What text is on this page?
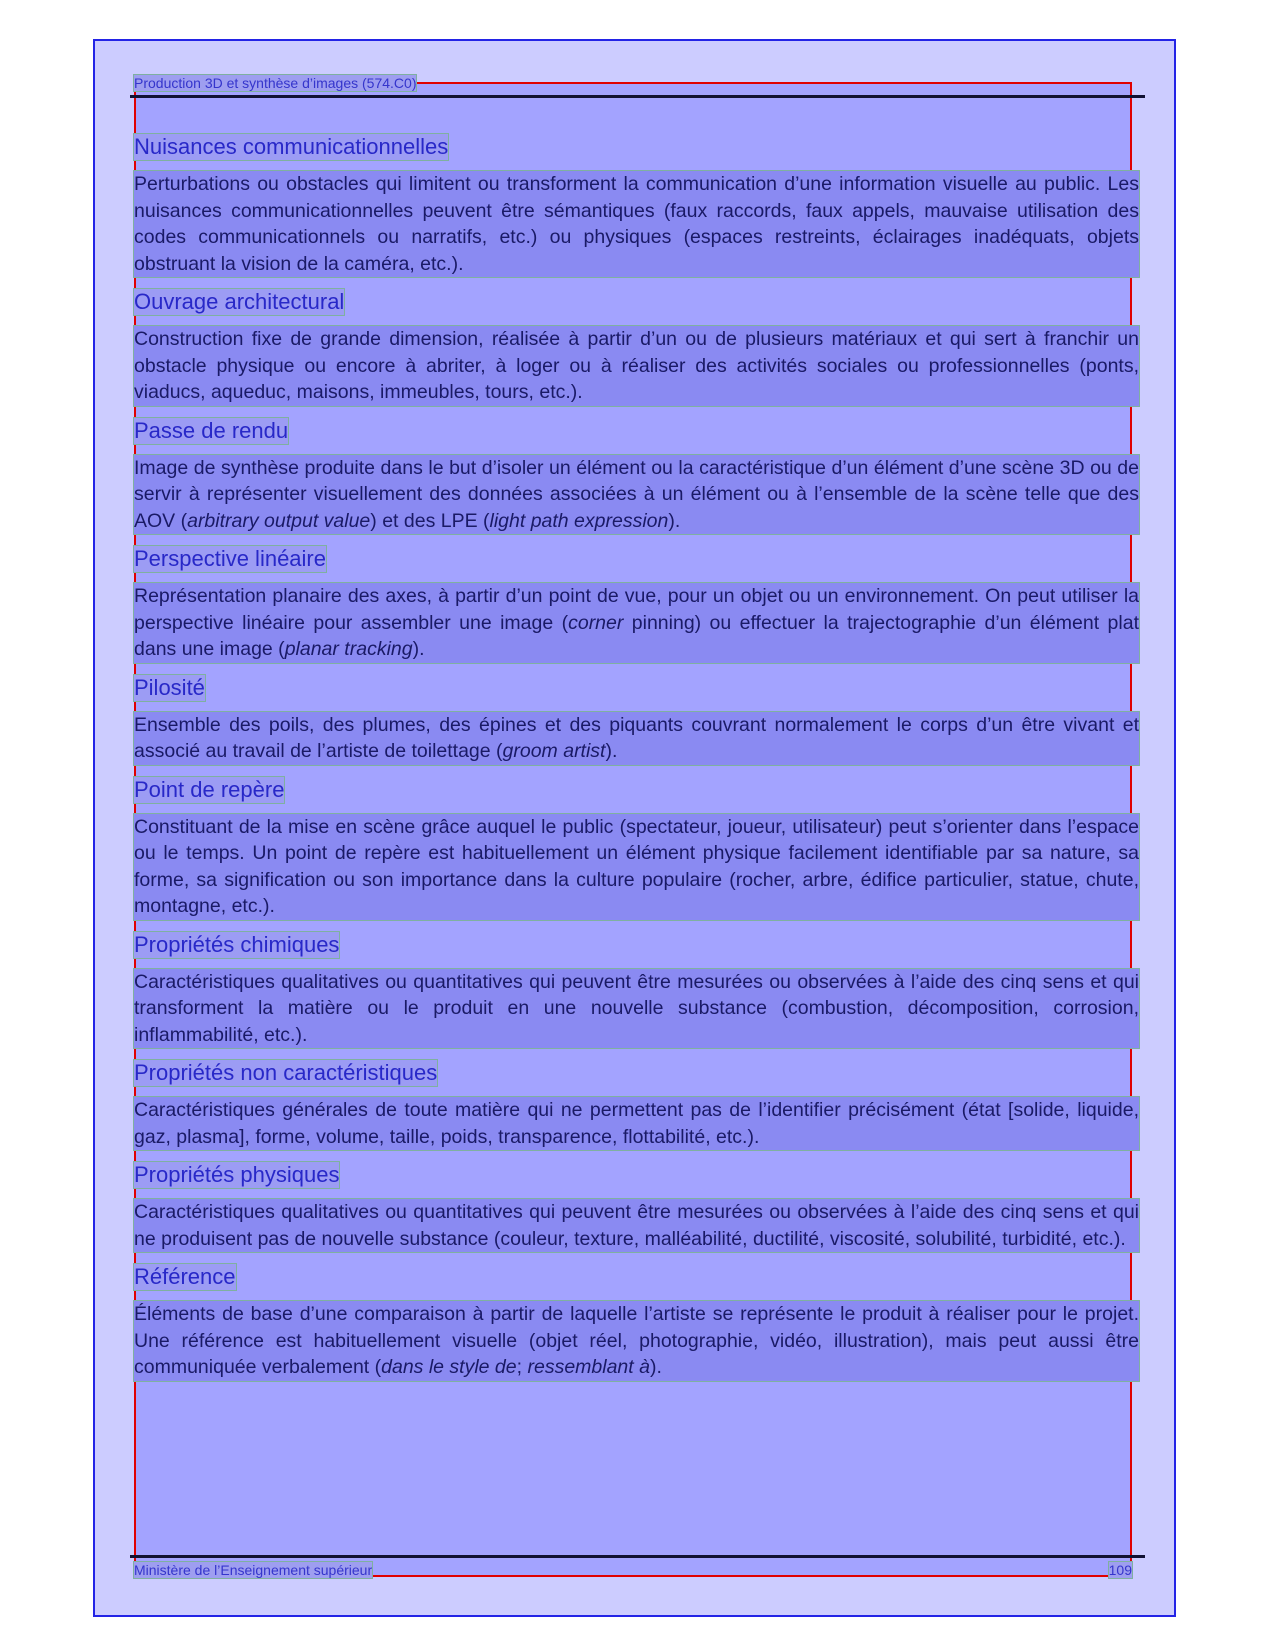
Production 3D et synthèse d’images (574.C0)
Nuisances communicationnelles

Perturbations ou obstacles qui limitent ou transforment la communication d’une information visuelle au public. Les nuisances communicationnelles peuvent être sémantiques (faux raccords, faux appels, mauvaise utilisation des codes communicationnels ou narratifs, etc.) ou physiques (espaces restreints, éclairages inadéquats, objets obstruant la vision de la caméra, etc.).

Ouvrage architectural

Construction fixe de grande dimension, réalisée à partir d’un ou de plusieurs matériaux et qui sert à franchir un obstacle physique ou encore à abriter, à loger ou à réaliser des activités sociales ou professionnelles (ponts, viaducs, aqueduc, maisons, immeubles, tours, etc.).

Passe de rendu

Image de synthèse produite dans le but d’isoler un élément ou la caractéristique d’un élément d’une scène 3D ou de servir à représenter visuellement des données associées à un élément ou à l’ensemble de la scène telle que des AOV (arbitrary output value) et des LPE (light path expression).

Perspective linéaire

Représentation planaire des axes, à partir d’un point de vue, pour un objet ou un environnement. On peut utiliser la perspective linéaire pour assembler une image (corner pinning) ou effectuer la trajectographie d’un élément plat dans une image (planar tracking).

Pilosité

Ensemble des poils, des plumes, des épines et des piquants couvrant normalement le corps d’un être vivant et associé au travail de l’artiste de toilettage (groom artist).

Point de repère

Constituant de la mise en scène grâce auquel le public (spectateur, joueur, utilisateur) peut s’orienter dans l’espace ou le temps. Un point de repère est habituellement un élément physique facilement identifiable par sa nature, sa forme, sa signification ou son importance dans la culture populaire (rocher, arbre, édifice particulier, statue, chute, montagne, etc.).

Propriétés chimiques

Caractéristiques qualitatives ou quantitatives qui peuvent être mesurées ou observées à l’aide des cinq sens et qui transforment la matière ou le produit en une nouvelle substance (combustion, décomposition, corrosion, inflammabilité, etc.).

Propriétés non caractéristiques

Caractéristiques générales de toute matière qui ne permettent pas de l’identifier précisément (état [solide, liquide, gaz, plasma], forme, volume, taille, poids, transparence, flottabilité, etc.).

Propriétés physiques

Caractéristiques qualitatives ou quantitatives qui peuvent être mesurées ou observées à l’aide des cinq sens et qui ne produisent pas de nouvelle substance (couleur, texture, malléabilité, ductilité, viscosité, solubilité, turbidité, etc.).

Référence

Éléments de base d’une comparaison à partir de laquelle l’artiste se représente le produit à réaliser pour le projet. Une référence est habituellement visuelle (objet réel, photographie, vidéo, illustration), mais peut aussi être communiquée verbalement (dans le style de; ressemblant à).

Ministère de l’Enseignement supérieur	109
